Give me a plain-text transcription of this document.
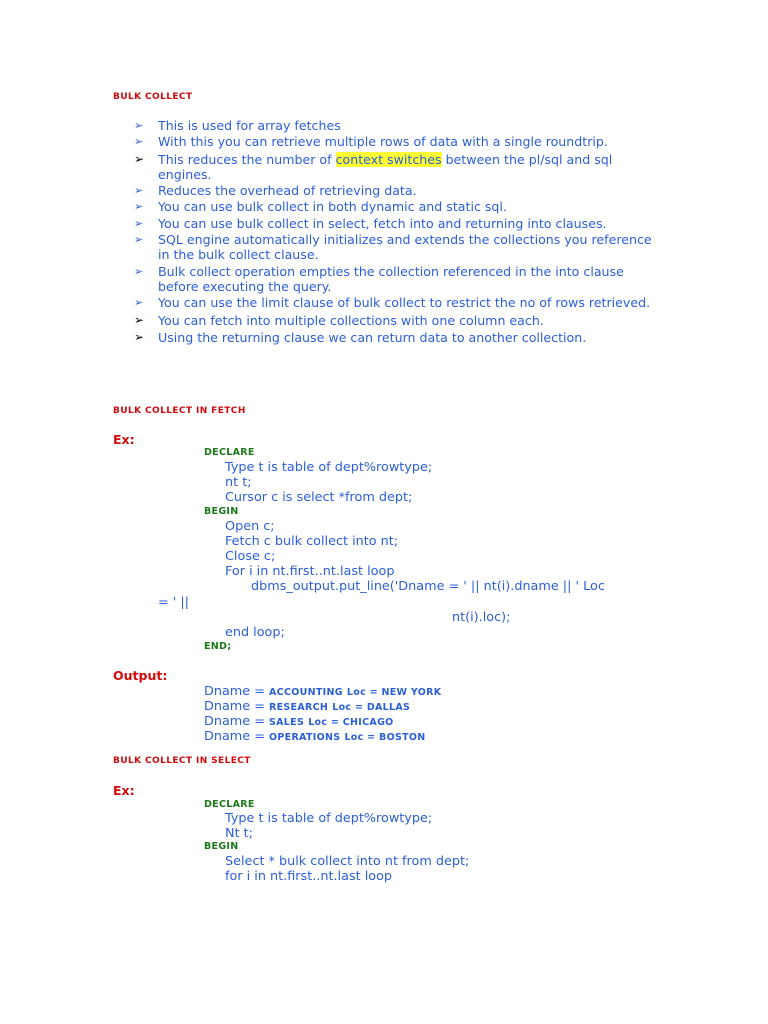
BULK COLLECT
➢ This is used for array fetches
➢ With this you can retrieve multiple rows of data with a single roundtrip.
➢ This reduces the number of context switches between the pl/sql and sql engines.
➢ Reduces the overhead of retrieving data.
➢ You can use bulk collect in both dynamic and static sql.
➢ You can use bulk collect in select, fetch into and returning into clauses.
➢ SQL engine automatically initializes and extends the collections you reference in the bulk collect clause.
➢ Bulk collect operation empties the collection referenced in the into clause before executing the query.
➢ You can use the limit clause of bulk collect to restrict the no of rows retrieved.
➢ You can fetch into multiple collections with one column each.
➢ Using the returning clause we can return data to another collection.
BULK COLLECT IN FETCH
Ex:
DECLARE
Type t is table of dept%rowtype;
nt t;
Cursor c is select *from dept;
BEGIN
Open c;
Fetch c bulk collect into nt;
Close c;
For i in nt.first..nt.last loop
dbms_output.put_line('Dname = ' || nt(i).dname || ' Loc
= ' ||
nt(i).loc);
end loop;
END;
Output:
Dname = ACCOUNTING Loc = NEW YORK
Dname = RESEARCH Loc = DALLAS
Dname = SALES Loc = CHICAGO
Dname = OPERATIONS Loc = BOSTON
BULK COLLECT IN SELECT
Ex:
DECLARE
Type t is table of dept%rowtype;
Nt t;
BEGIN
Select * bulk collect into nt from dept;
for i in nt.first..nt.last loop
